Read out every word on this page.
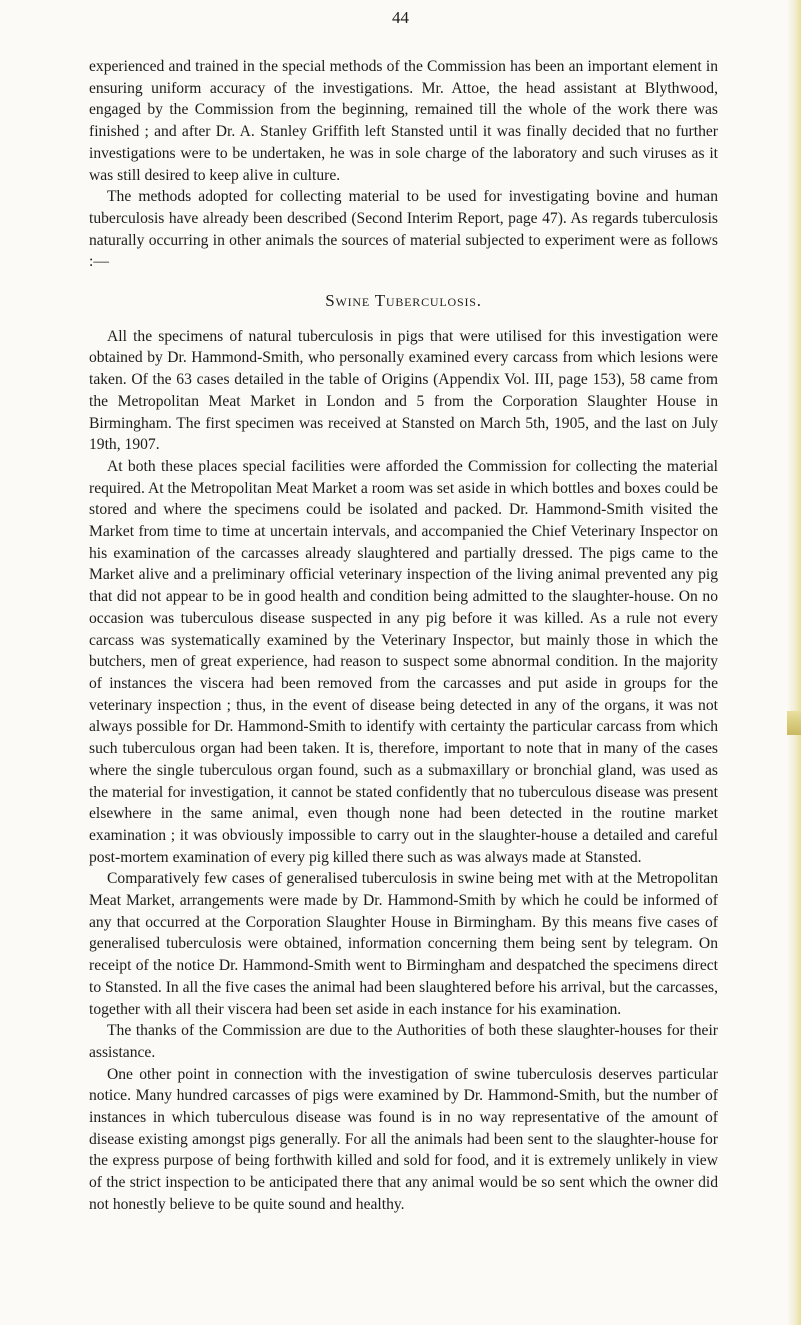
44

experienced and trained in the special methods of the Commission has been an important element in ensuring uniform accuracy of the investigations. Mr. Attoe, the head assistant at Blythwood, engaged by the Commission from the beginning, remained till the whole of the work there was finished ; and after Dr. A. Stanley Griffith left Stansted until it was finally decided that no further investigations were to be undertaken, he was in sole charge of the laboratory and such viruses as it was still desired to keep alive in culture.

The methods adopted for collecting material to be used for investigating bovine and human tuberculosis have already been described (Second Interim Report, page 47). As regards tuberculosis naturally occurring in other animals the sources of material subjected to experiment were as follows :—

Swine Tuberculosis.

All the specimens of natural tuberculosis in pigs that were utilised for this investigation were obtained by Dr. Hammond-Smith, who personally examined every carcass from which lesions were taken. Of the 63 cases detailed in the table of Origins (Appendix Vol. III, page 153), 58 came from the Metropolitan Meat Market in London and 5 from the Corporation Slaughter House in Birmingham. The first specimen was received at Stansted on March 5th, 1905, and the last on July 19th, 1907.

At both these places special facilities were afforded the Commission for collecting the material required. At the Metropolitan Meat Market a room was set aside in which bottles and boxes could be stored and where the specimens could be isolated and packed. Dr. Hammond-Smith visited the Market from time to time at uncertain intervals, and accompanied the Chief Veterinary Inspector on his examination of the carcasses already slaughtered and partially dressed. The pigs came to the Market alive and a preliminary official veterinary inspection of the living animal prevented any pig that did not appear to be in good health and condition being admitted to the slaughter-house. On no occasion was tuberculous disease suspected in any pig before it was killed. As a rule not every carcass was systematically examined by the Veterinary Inspector, but mainly those in which the butchers, men of great experience, had reason to suspect some abnormal condition. In the majority of instances the viscera had been removed from the carcasses and put aside in groups for the veterinary inspection ; thus, in the event of disease being detected in any of the organs, it was not always possible for Dr. Hammond-Smith to identify with certainty the particular carcass from which such tuberculous organ had been taken. It is, therefore, important to note that in many of the cases where the single tuberculous organ found, such as a submaxillary or bronchial gland, was used as the material for investigation, it cannot be stated confidently that no tuberculous disease was present elsewhere in the same animal, even though none had been detected in the routine market examination ; it was obviously impossible to carry out in the slaughter-house a detailed and careful post-mortem examination of every pig killed there such as was always made at Stansted.

Comparatively few cases of generalised tuberculosis in swine being met with at the Metropolitan Meat Market, arrangements were made by Dr. Hammond-Smith by which he could be informed of any that occurred at the Corporation Slaughter House in Birmingham. By this means five cases of generalised tuberculosis were obtained, information concerning them being sent by telegram. On receipt of the notice Dr. Hammond-Smith went to Birmingham and despatched the specimens direct to Stansted. In all the five cases the animal had been slaughtered before his arrival, but the carcasses, together with all their viscera had been set aside in each instance for his examination.

The thanks of the Commission are due to the Authorities of both these slaughter-houses for their assistance.

One other point in connection with the investigation of swine tuberculosis deserves particular notice. Many hundred carcasses of pigs were examined by Dr. Hammond-Smith, but the number of instances in which tuberculous disease was found is in no way representative of the amount of disease existing amongst pigs generally. For all the animals had been sent to the slaughter-house for the express purpose of being forthwith killed and sold for food, and it is extremely unlikely in view of the strict inspection to be anticipated there that any animal would be so sent which the owner did not honestly believe to be quite sound and healthy.
